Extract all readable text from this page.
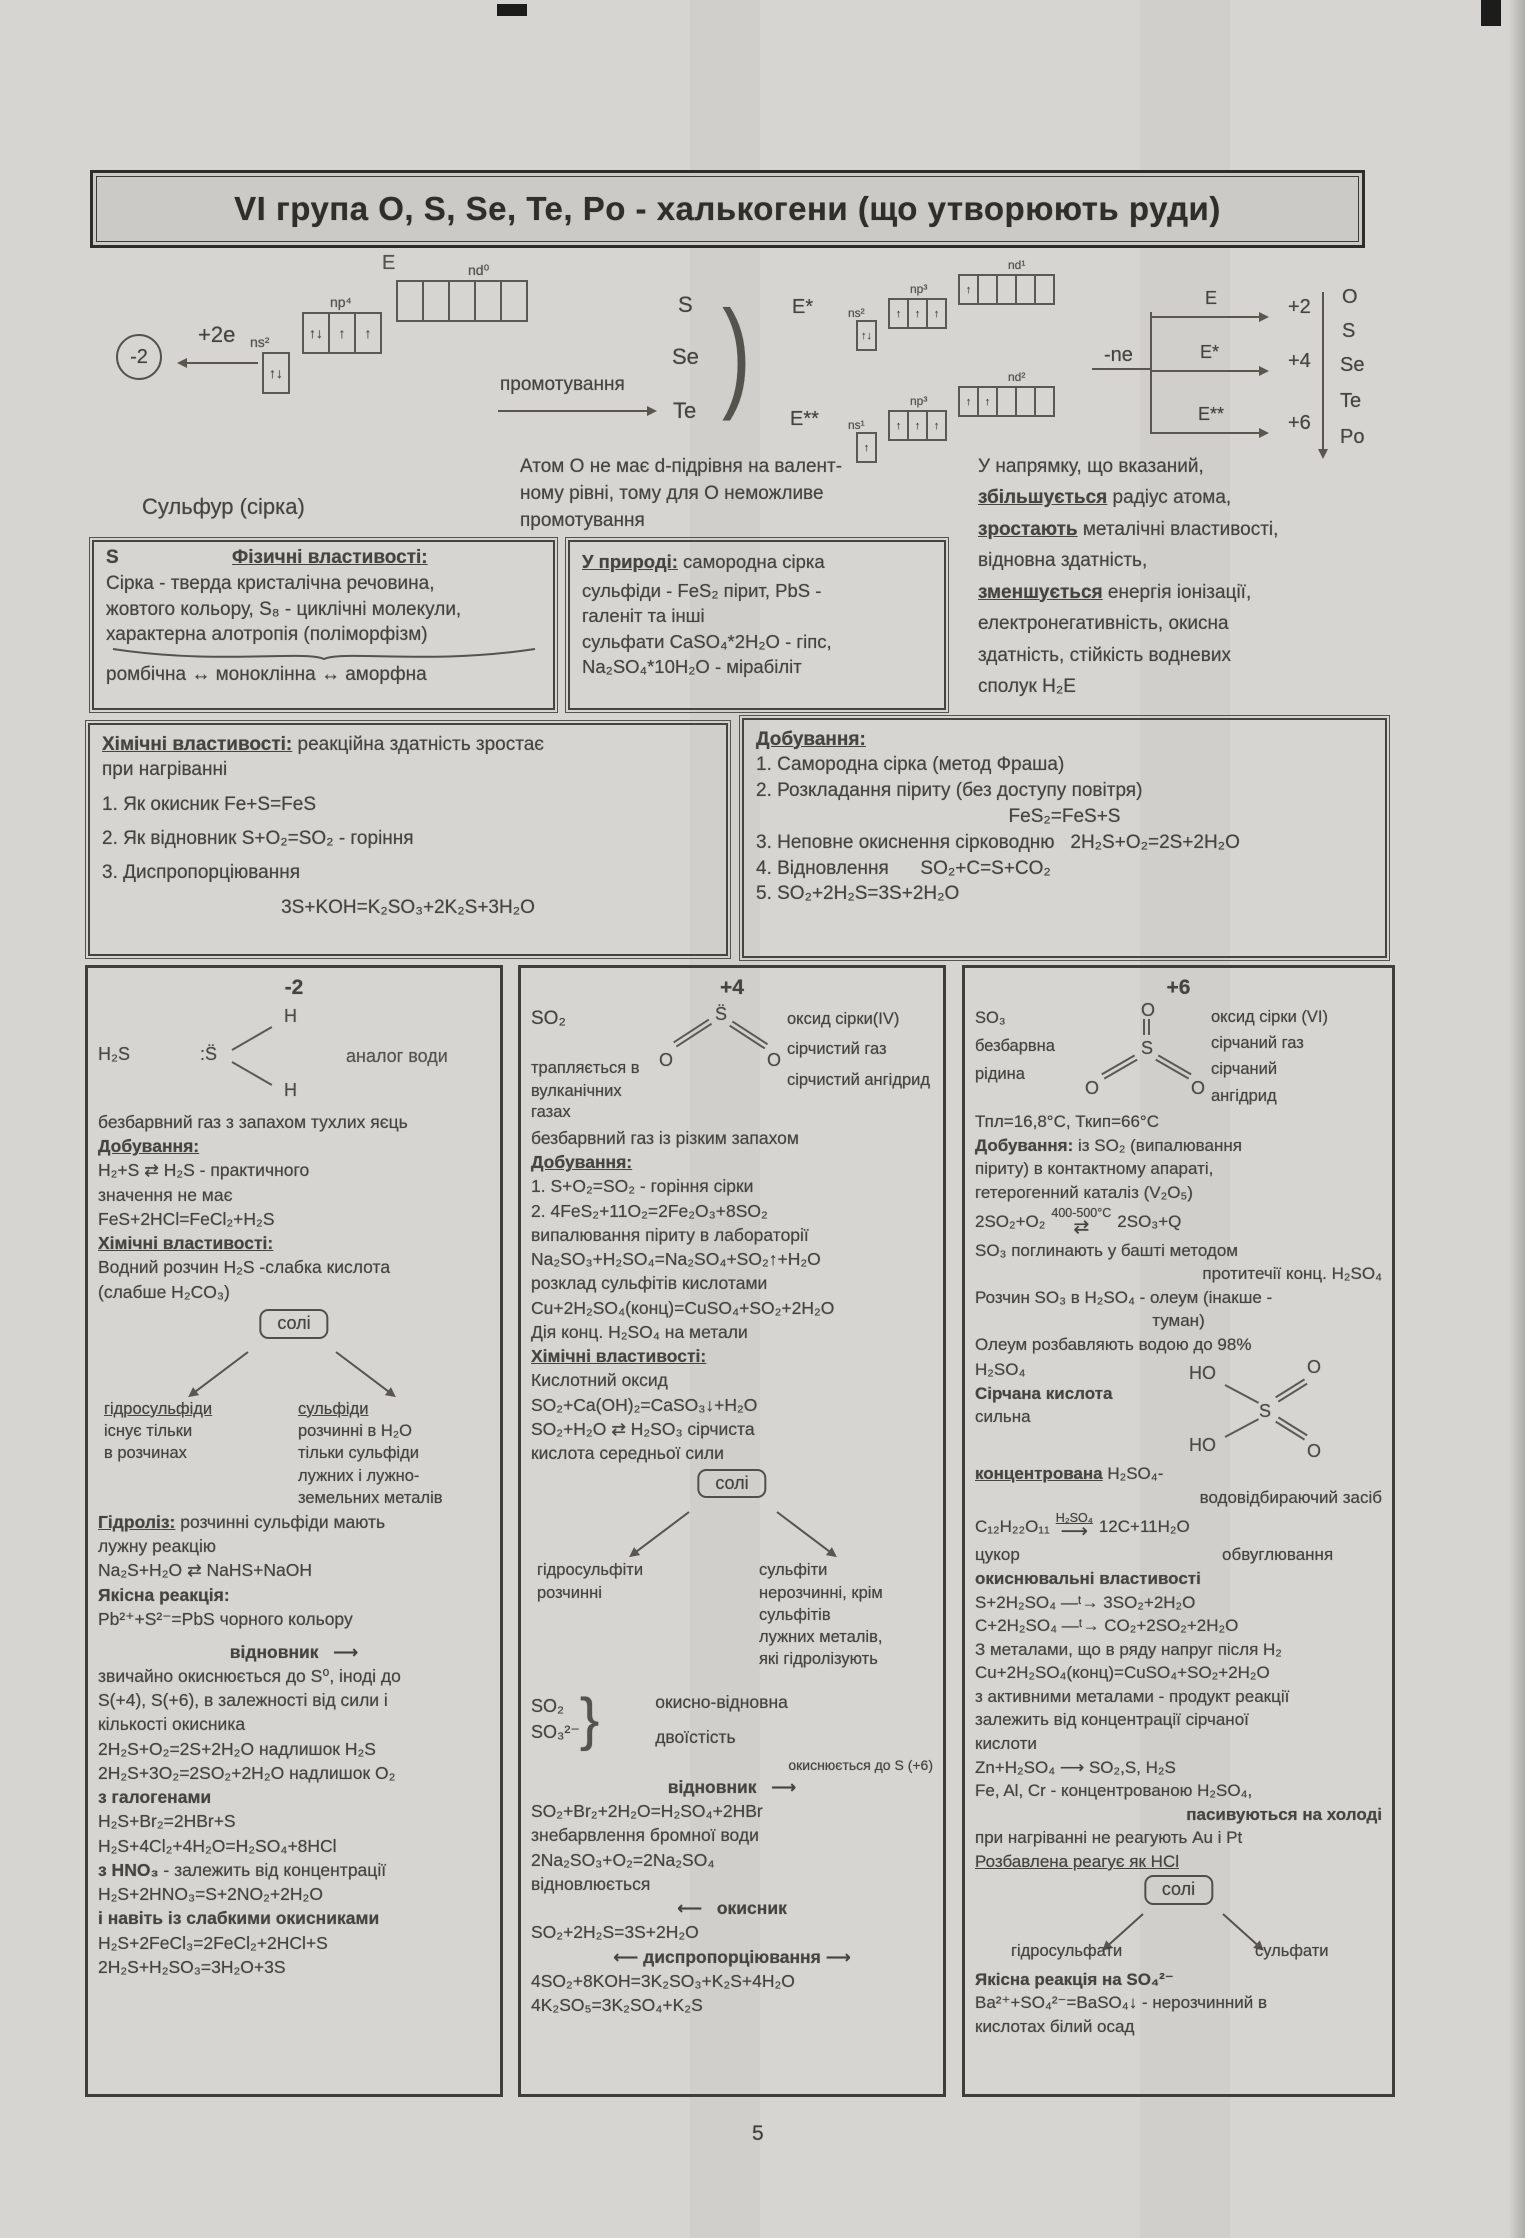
VI група O, S, Se, Te, Po - халькогени (що утворюють руди)
E
-2
+2e ns²
↑↓
np⁴
↑↓ ↑ ↑
nd⁰
промотування
S
Se
Te ) E*
E**
ns²
↑↓
np³
↑ ↑ ↑
nd¹
↑
ns¹
↑
np³
↑ ↑ ↑
nd²
↑ ↑
-ne
E	+2
E*	+4
E**	+6
O
S
Se
Te
Po
Атом О не має d-підрівня на валент-
ному рівні, тому для О неможливе
промотування
У напрямку, що вказаний,
збільшується радіус атома,
зростають металічні властивості,
відновна здатність,
зменшується енергія іонізації,
електронегативність, окисна
здатність, стійкість водневих
сполук H₂E
Сульфур (сірка)
S	Фізичні властивості:
Сірка - тверда кристалічна речовина,
жовтого кольору, S₈ - циклічні молекули,
характерна алотропія (поліморфізм)
ромбічна ↔ моноклінна ↔ аморфна
У природі: самородна сірка
сульфіди - FeS₂ пірит, PbS -
галеніт та інші
сульфати CaSO₄*2H₂O - гіпс,
Na₂SO₄*10H₂O - мірабіліт
Хімічні властивості: реакційна здатність зростає
при нагріванні
1. Як окисник Fe+S=FeS
2. Як відновник S+O₂=SO₂ - горіння
3. Диспропорціювання
3S+KOH=K₂SO₃+2K₂S+3H₂O
Добування:
1. Самородна сірка (метод Фраша)
2. Розкладання піриту (без доступу повітря)
FeS₂=FeS+S
3. Неповне окиснення сірководню   2H₂S+O₂=2S+2H₂O
4. Відновлення      SO₂+C=S+CO₂
5. SO₂+2H₂S=3S+2H₂O
-2
H₂S	:S̈
H
H
аналог води
безбарвний газ з запахом тухлих яєць
Добування:
H₂+S ⇄ H₂S - практичного
значення не має
FeS+2HCl=FeCl₂+H₂S
Хімічні властивості:
Водний розчин H₂S -слабка кислота
(слабше H₂CO₃)
солі
гідросульфіди
існує тільки
в розчинах
сульфіди
розчинні в H₂O
тільки сульфіди
лужних і лужно-
земельних металів
Гідроліз: розчинні сульфіди мають
лужну реакцію
Na₂S+H₂O ⇄ NaHS+NaOH
Якісна реакція:
Pb²⁺+S²⁻=PbS чорного кольору
відновник   ⟶
звичайно окиснюється до S⁰, іноді до
S(+4), S(+6), в залежності від сили і
кількості окисника
2H₂S+O₂=2S+2H₂O надлишок H₂S
2H₂S+3O₂=2SO₂+2H₂O надлишок O₂
з галогенами
H₂S+Br₂=2HBr+S
H₂S+4Cl₂+4H₂O=H₂SO₄+8HCl
з HNO₃ - залежить від концентрації
H₂S+2HNO₃=S+2NO₂+2H₂O
і навіть із слабкими окисниками
H₂S+2FeCl₃=2FeCl₂+2HCl+S
2H₂S+H₂SO₃=3H₂O+3S
+4
SO₂
трапляється в
вулканічних газах
S̈
O	O
оксид сірки(IV)
сірчистий газ
сірчистий ангідрид
безбарвний газ із різким запахом
Добування:
1. S+O₂=SO₂ - горіння сірки
2. 4FeS₂+11O₂=2Fe₂O₃+8SO₂
випалювання піриту в лабораторії
Na₂SO₃+H₂SO₄=Na₂SO₄+SO₂↑+H₂O
розклад сульфітів кислотами
Cu+2H₂SO₄(конц)=CuSO₄+SO₂+2H₂O
Дія конц. H₂SO₄ на метали
Хімічні властивості:
Кислотний оксид
SO₂+Ca(OH)₂=CaSO₃↓+H₂O
SO₂+H₂O ⇄ H₂SO₃ сірчиста
кислота середньої сили
солі
гідросульфіти
розчинні
сульфіти
нерозчинні, крім
сульфітів
лужних металів,
які гідролізують
SO₂
SO₃²⁻ }	окисно-відновна
двоїстість
окиснюється до S (+6)
відновник   ⟶
SO₂+Br₂+2H₂O=H₂SO₄+2HBr
знебарвлення бромної води
2Na₂SO₃+O₂=2Na₂SO₄
відновлюється
⟵   окисник
SO₂+2H₂S=3S+2H₂O
⟵ диспропорціювання ⟶
4SO₂+8KOH=3K₂SO₃+K₂S+4H₂O
4K₂SO₅=3K₂SO₄+K₂S
+6
SO₃
безбарвна
рідина
O
S
O	O
оксид сірки (VI)
сірчаний газ
сірчаний
ангідрид
Тпл=16,8°С, Ткип=66°С
Добування: із SO₂ (випалювання
піриту) в контактному апараті,
гетерогенний каталіз (V₂O₅)
2SO₂+O₂ 400-500°С
⇄ 2SO₃+Q
SO₃ поглинають у башті методом
протитечії конц. H₂SO₄
Розчин SO₃ в H₂SO₄ - олеум (інакше -
туман)
Олеум розбавляють водою до 98%
H₂SO₄
Сірчана кислота
сильна
HO	O
S
HO	O
концентрована H₂SO₄-
водовідбираючий засіб
C₁₂H₂₂O₁₁ H₂SO₄
⟶ 12C+11H₂O
цукор	обвуглювання
окиснювальні властивості
S+2H₂SO₄ —ᵗ→ 3SO₂+2H₂O
C+2H₂SO₄ —ᵗ→ CO₂+2SO₂+2H₂O
З металами, що в ряду напруг після H₂
Cu+2H₂SO₄(конц)=CuSO₄+SO₂+2H₂O
з активними металами - продукт реакції
залежить від концентрації сірчаної
кислоти
Zn+H₂SO₄ ⟶ SO₂,S, H₂S
Fe, Al, Cr - концентрованою H₂SO₄,
пасивуються на холоді
при нагріванні не реагують Au і Pt
Розбавлена реагує як HCl
солі
гідросульфати	сульфати
Якісна реакція на SO₄²⁻
Ba²⁺+SO₄²⁻=BaSO₄↓ - нерозчинний в
кислотах білий осад
5
